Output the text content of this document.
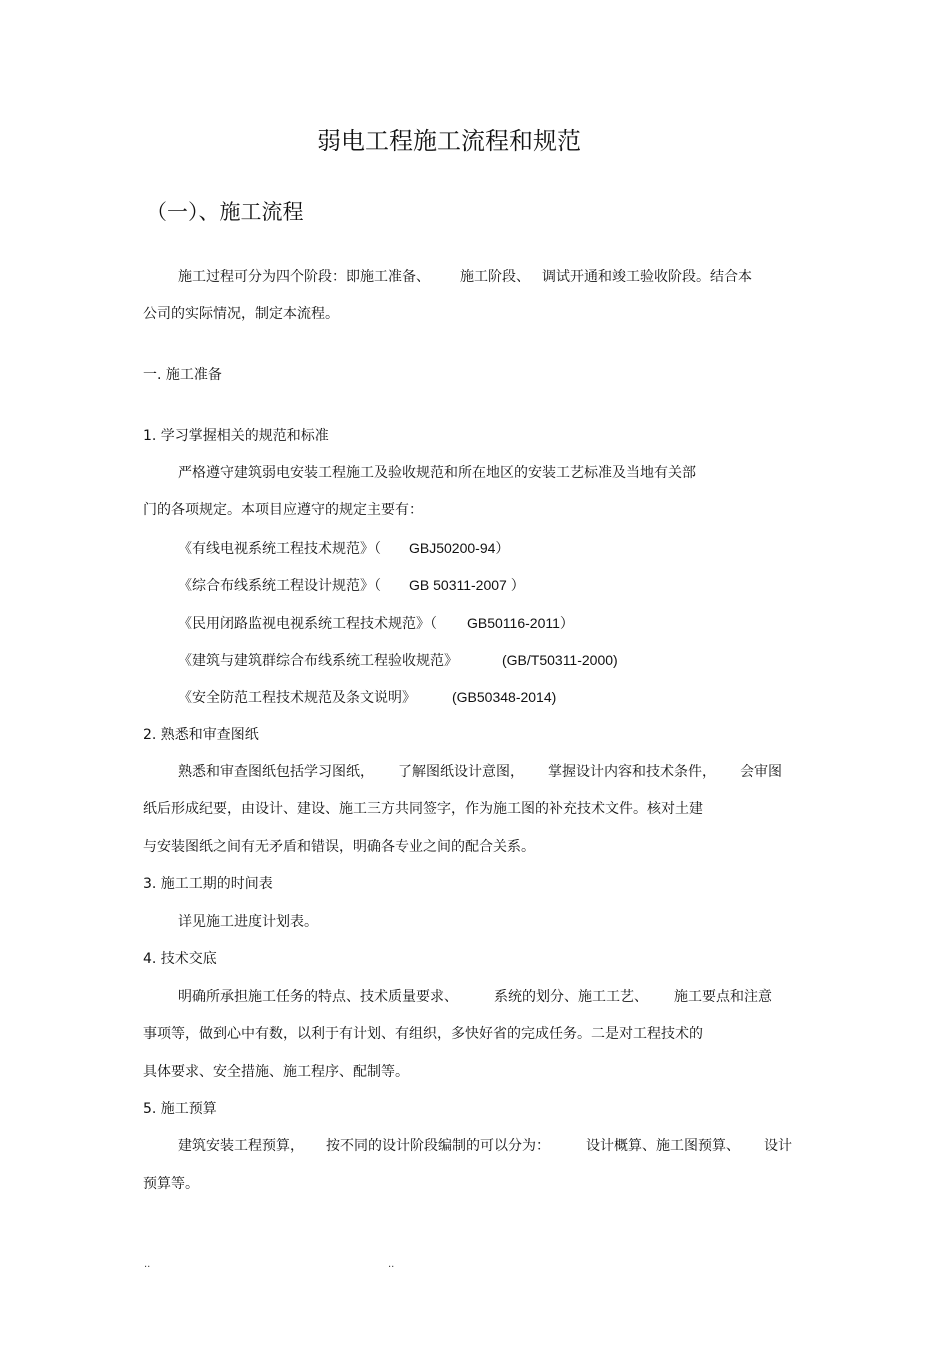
弱电工程施工流程和规范
（一）、施工流程
施工过程可分为四个阶段：即施工准备、 施工阶段、 调试开通和竣工验收阶段。结合本
公司的实际情况，制定本流程。
一. 施工准备
1. 学习掌握相关的规范和标准
严格遵守建筑弱电安装工程施工及验收规范和所在地区的安装工艺标准及当地有关部
门的各项规定。本项目应遵守的规定主要有：
《有线电视系统工程技术规范》（ GBJ50200-94）
《综合布线系统工程设计规范》（ GB 50311-2007 ）
《民用闭路监视电视系统工程技术规范》（ GB50116-2011）
《建筑与建筑群综合布线系统工程验收规范》	(GB/T50311-2000)
《安全防范工程技术规范及条文说明》	(GB50348-2014)
2. 熟悉和审查图纸
熟悉和审查图纸包括学习图纸， 了解图纸设计意图， 掌握设计内容和技术条件， 会审图
纸后形成纪要，由设计、建设、施工三方共同签字，作为施工图的补充技术文件。核对土建
与安装图纸之间有无矛盾和错误，明确各专业之间的配合关系。
3. 施工工期的时间表
详见施工进度计划表。
4. 技术交底
明确所承担施工任务的特点、技术质量要求、	系统的划分、施工工艺、 施工要点和注意
事项等，做到心中有数，以利于有计划、有组织，多快好省的完成任务。二是对工程技术的
具体要求、安全措施、施工程序、配制等。
5. 施工预算
建筑安装工程预算， 按不同的设计阶段编制的可以分为：	设计概算、施工图预算、 设计
预算等。
..	..
